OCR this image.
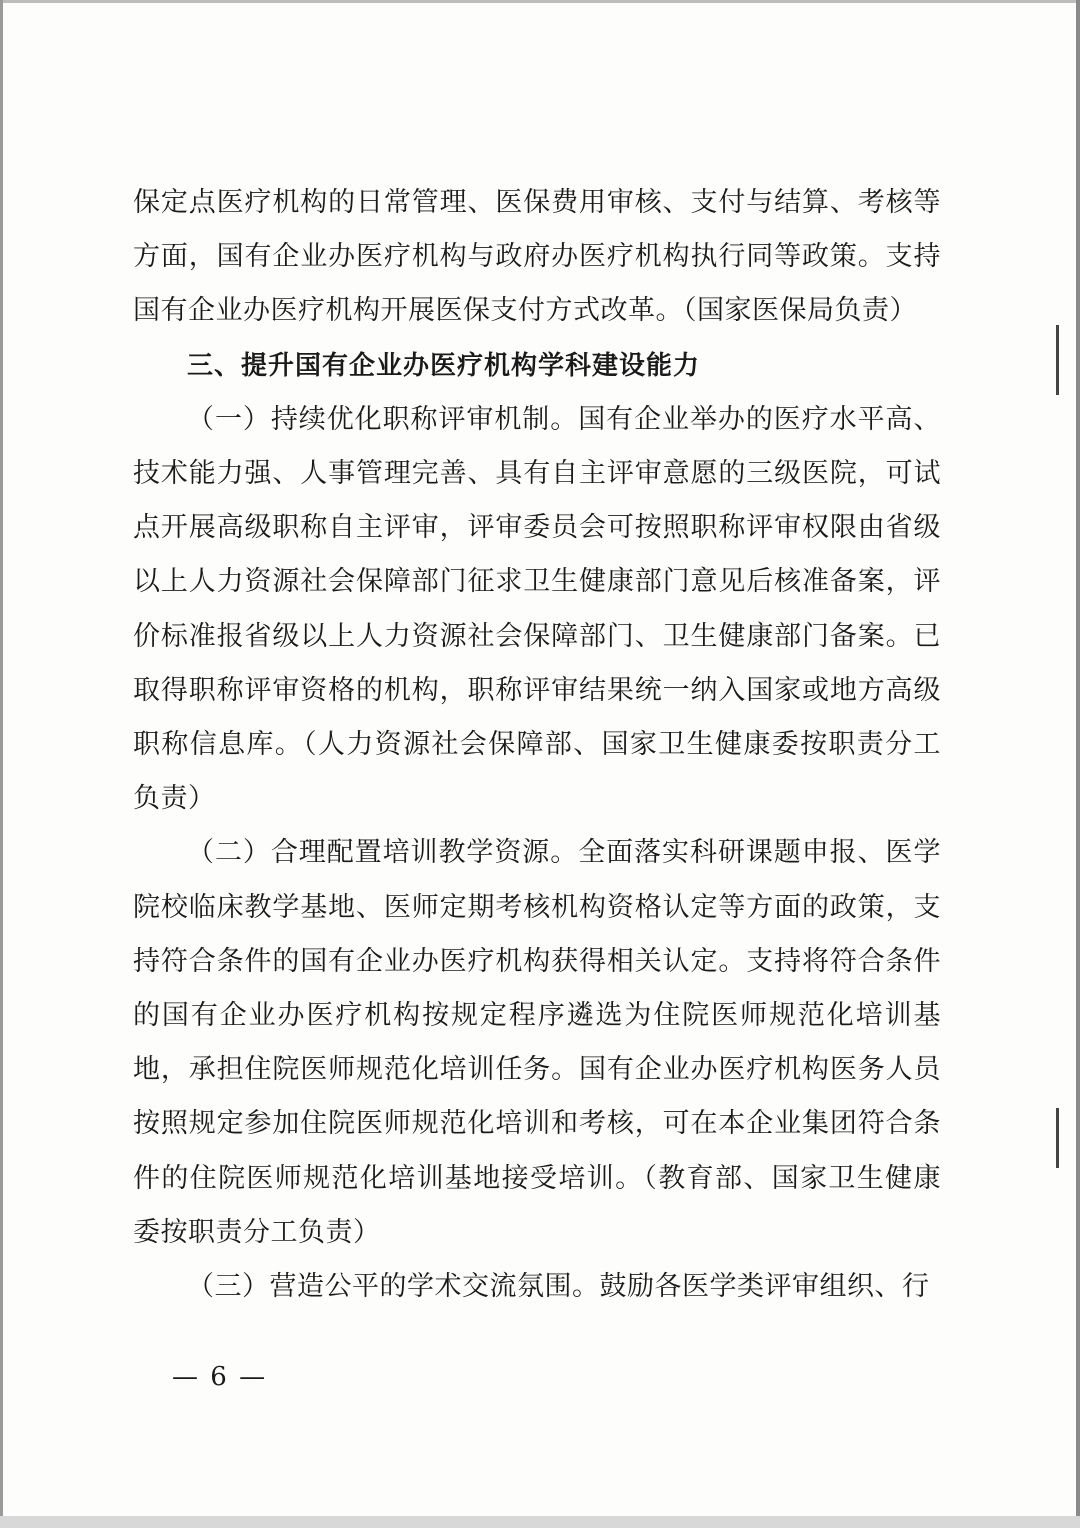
保定点医疗机构的日常管理、医保费用审核、支付与结算、考核等方面，国有企业办医疗机构与政府办医疗机构执行同等政策。支持国有企业办医疗机构开展医保支付方式改革。（国家医保局负责）

三、提升国有企业办医疗机构学科建设能力

（一）持续优化职称评审机制。国有企业举办的医疗水平高、技术能力强、人事管理完善、具有自主评审意愿的三级医院，可试点开展高级职称自主评审，评审委员会可按照职称评审权限由省级以上人力资源社会保障部门征求卫生健康部门意见后核准备案，评价标准报省级以上人力资源社会保障部门、卫生健康部门备案。已取得职称评审资格的机构，职称评审结果统一纳入国家或地方高级职称信息库。（人力资源社会保障部、国家卫生健康委按职责分工负责）

（二）合理配置培训教学资源。全面落实科研课题申报、医学院校临床教学基地、医师定期考核机构资格认定等方面的政策，支持符合条件的国有企业办医疗机构获得相关认定。支持将符合条件的国有企业办医疗机构按规定程序遴选为住院医师规范化培训基地，承担住院医师规范化培训任务。国有企业办医疗机构医务人员按照规定参加住院医师规范化培训和考核，可在本企业集团符合条件的住院医师规范化培训基地接受培训。（教育部、国家卫生健康委按职责分工负责）

（三）营造公平的学术交流氛围。鼓励各医学类评审组织、行

— 6 —
